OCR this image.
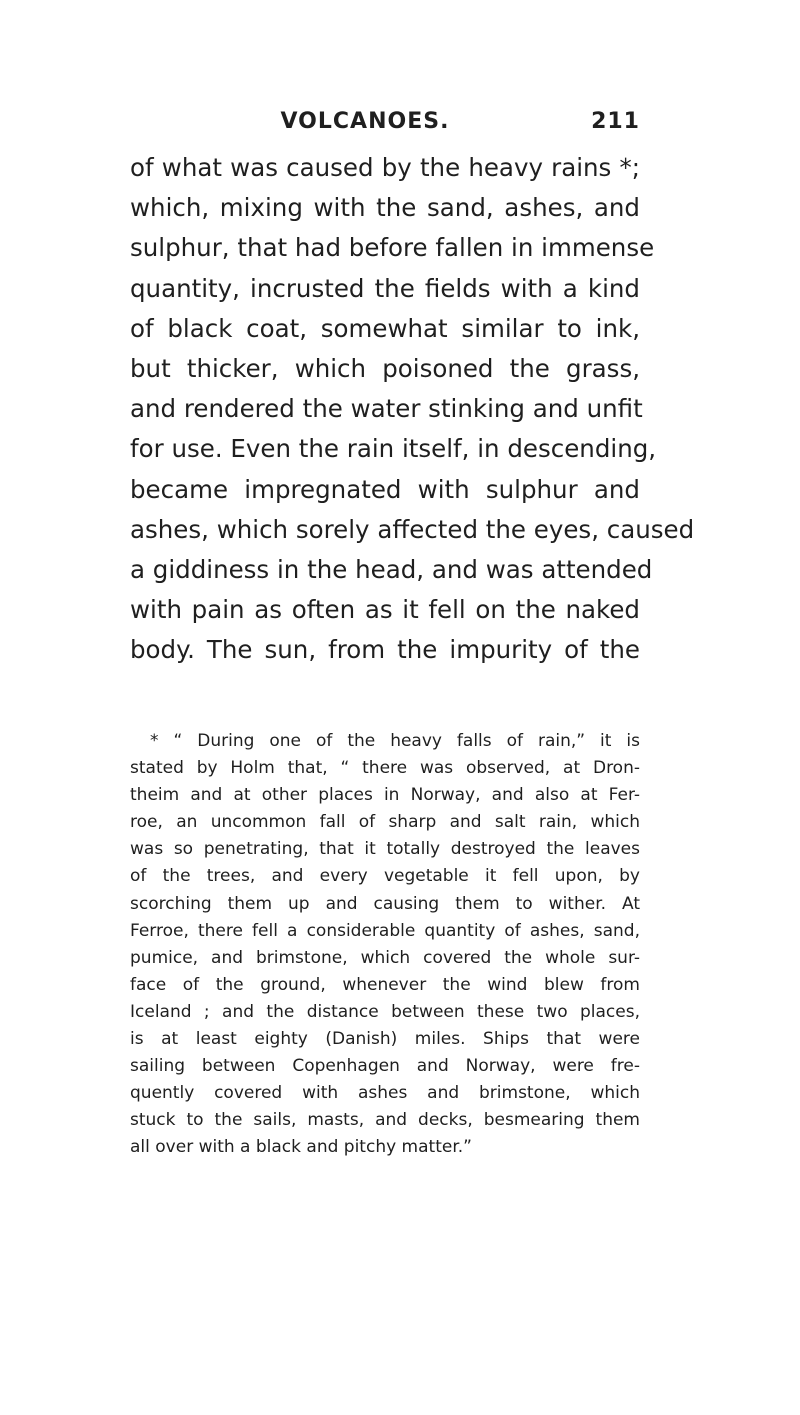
VOLCANOES.	211
of what was caused by the heavy rains *;
which, mixing with the sand, ashes, and
sulphur, that had before fallen in immense
quantity, incrusted the fields with a kind
of black coat, somewhat similar to ink,
but thicker, which poisoned the grass,
and rendered the water stinking and unfit
for use. Even the rain itself, in descending,
became impregnated with sulphur and
ashes, which sorely affected the eyes, caused
a giddiness in the head, and was attended
with pain as often as it fell on the naked
body. The sun, from the impurity of the
* “ During one of the heavy falls of rain,” it is
stated by Holm that, “ there was observed, at Dron-
theim and at other places in Norway, and also at Fer-
roe, an uncommon fall of sharp and salt rain, which
was so penetrating, that it totally destroyed the leaves
of the trees, and every vegetable it fell upon, by
scorching them up and causing them to wither. At
Ferroe, there fell a considerable quantity of ashes, sand,
pumice, and brimstone, which covered the whole sur-
face of the ground, whenever the wind blew from
Iceland ; and the distance between these two places,
is at least eighty (Danish) miles. Ships that were
sailing between Copenhagen and Norway, were fre-
quently covered with ashes and brimstone, which
stuck to the sails, masts, and decks, besmearing them
all over with a black and pitchy matter.”
